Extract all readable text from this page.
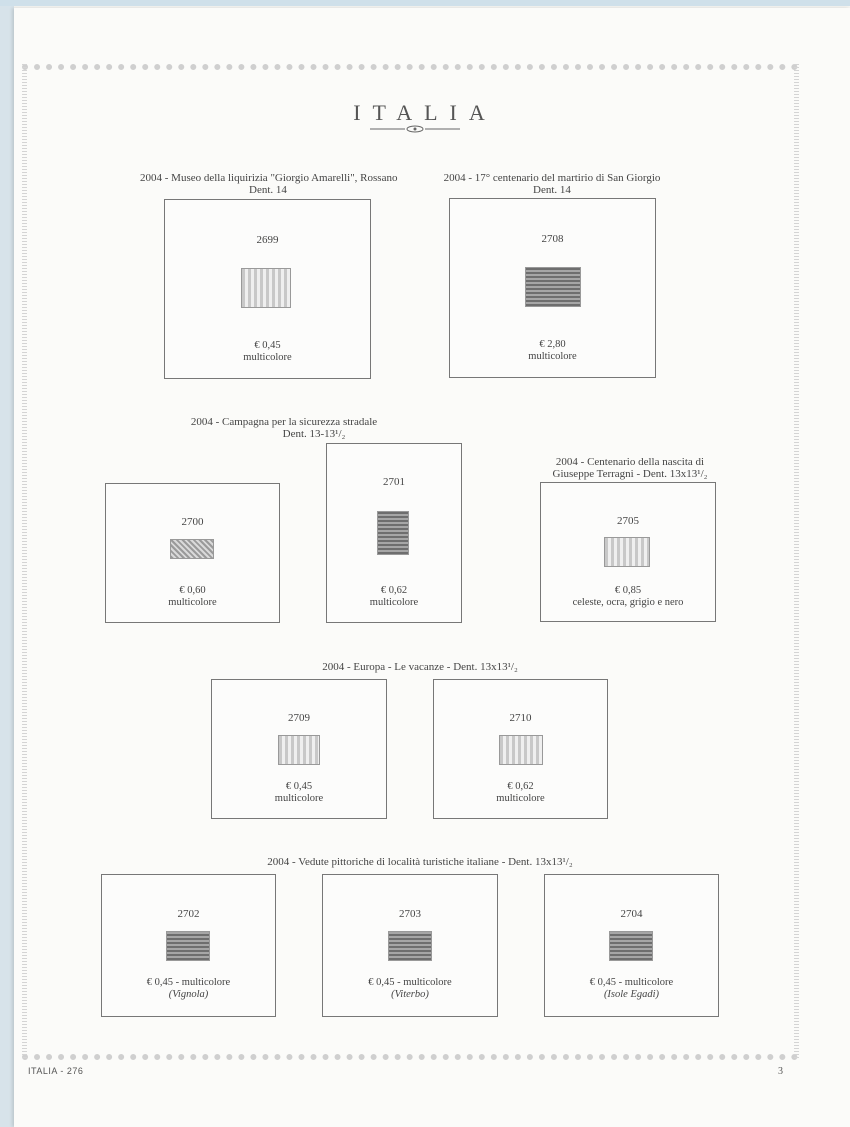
ITALIA
2004 - Museo della liquirizia "Giorgio Amarelli", Rossano
Dent. 14
2004 - 17° centenario del martirio di San Giorgio
Dent. 14
2699
€ 0,45
multicolore
2708
€ 2,80
multicolore
2004 - Campagna per la sicurezza stradale
Dent. 13-13¹/₂
2004 - Centenario della nascita di
Giuseppe Terragni - Dent. 13x13¹/₂
2700
€ 0,60
multicolore
2701
€ 0,62
multicolore
2705
€ 0,85
celeste, ocra, grigio e nero
2004 - Europa - Le vacanze - Dent. 13x13¹/₂
2709
€ 0,45
multicolore
2710
€ 0,62
multicolore
2004 - Vedute pittoriche di località turistiche italiane - Dent. 13x13¹/₂
2702
€ 0,45 - multicolore
(Vignola)
2703
€ 0,45 - multicolore
(Viterbo)
2704
€ 0,45 - multicolore
(Isole Egadi)
ITALIA - 276	3
